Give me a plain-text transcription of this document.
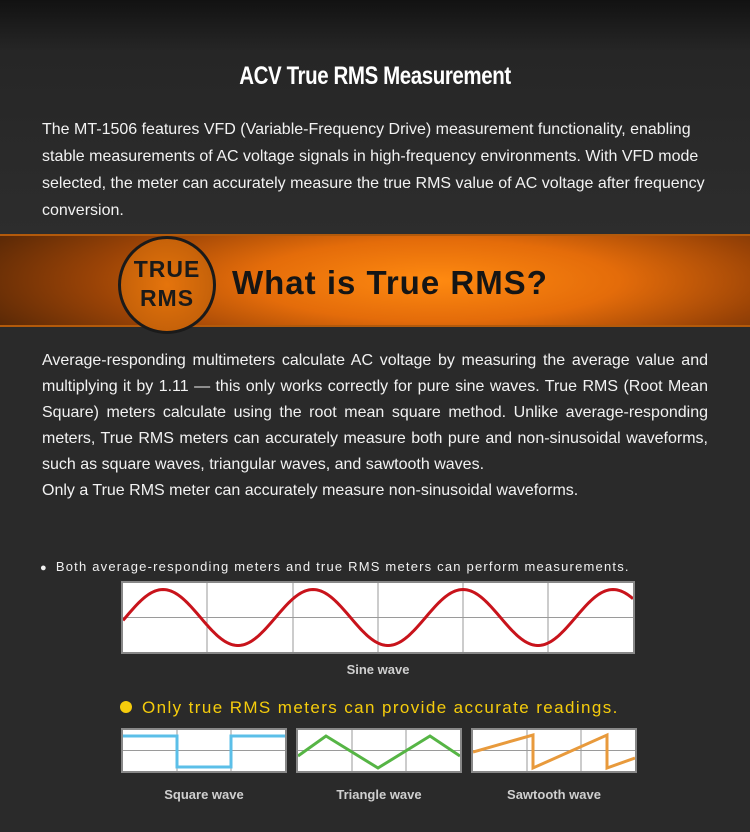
ACV True RMS Measurement
The MT-1506 features VFD (Variable-Frequency Drive) measurement functionality, enabling stable measurements of AC voltage signals in high-frequency environments. With VFD mode selected, the meter can accurately measure the true RMS value of AC voltage after frequency conversion.
TRUE
RMS	What is True RMS?
Average-responding multimeters calculate AC voltage by measuring the average value and multiplying it by 1.11 — this only works correctly for pure sine waves. True RMS (Root Mean Square) meters calculate using the root mean square method. Unlike average-responding meters, True RMS meters can accurately measure both pure and non-sinusoidal waveforms, such as square waves, triangular waves, and sawtooth waves.
Only a True RMS meter can accurately measure non-sinusoidal waveforms.
● Both average-responding meters and true RMS meters can perform measurements.
Sine wave
Only true RMS meters can provide accurate readings.
Square wave	Triangle wave	Sawtooth wave
